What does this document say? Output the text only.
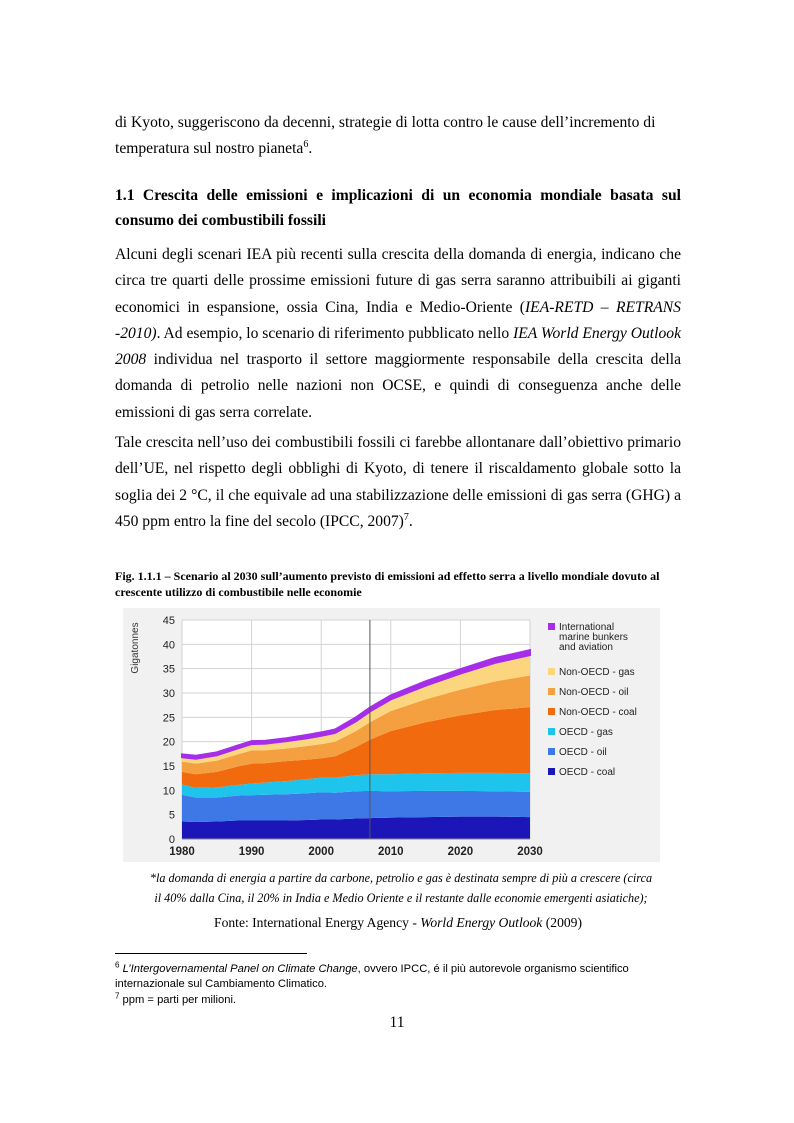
di Kyoto, suggeriscono da decenni, strategie di lotta contro le cause dell’incremento di
temperatura sul nostro pianeta$^6$.

1.1 Crescita delle emissioni e implicazioni di un economia mondiale basata sul consumo dei combustibili fossili

Alcuni degli scenari IEA più recenti sulla crescita della domanda di energia, indicano che circa tre quarti delle prossime emissioni future di gas serra saranno attribuibili ai giganti economici in espansione, ossia Cina, India e Medio-Oriente (IEA-RETD – RETRANS -2010). Ad esempio, lo scenario di riferimento pubblicato nello IEA World Energy Outlook 2008 individua nel trasporto il settore maggiormente responsabile della crescita della domanda di petrolio nelle nazioni non OCSE, e quindi di conseguenza anche delle emissioni di gas serra correlate.

Tale crescita nell’uso dei combustibili fossili ci farebbe allontanare dall’obiettivo primario dell’UE, nel rispetto degli obblighi di Kyoto, di tenere il riscaldamento globale sotto la soglia dei 2 °C, il che equivale ad una stabilizzazione delle emissioni di gas serra (GHG) a 450 ppm entro la fine del secolo (IPCC, 2007)$^7$.

Fig. 1.1.1 – Scenario al 2030 sull’aumento previsto di emissioni ad effetto serra a livello mondiale dovuto al crescente utilizzo di combustibile nelle economie

0
5
10
15
20
25
30
35
40
45
1980	1990	2000	2010	2020	2030
Gigatonnes	International
marine bunkers
and aviation
Non-OECD - gas
Non-OECD - oil
Non-OECD - coal
OECD - gas
OECD - oil
OECD - coal

*la domanda di energia a partire da carbone, petrolio e gas è destinata sempre di più a crescere (circa
il 40% dalla Cina, il 20% in India e Medio Oriente e il restante dalle economie emergenti asiatiche);

Fonte: International Energy Agency - World Energy Outlook (2009)

$^6$ L’Intergovernamental Panel on Climate Change, ovvero IPCC, é il più autorevole organismo scientifico internazionale sul Cambiamento Climatico.

$^7$ ppm = parti per milioni.

11
